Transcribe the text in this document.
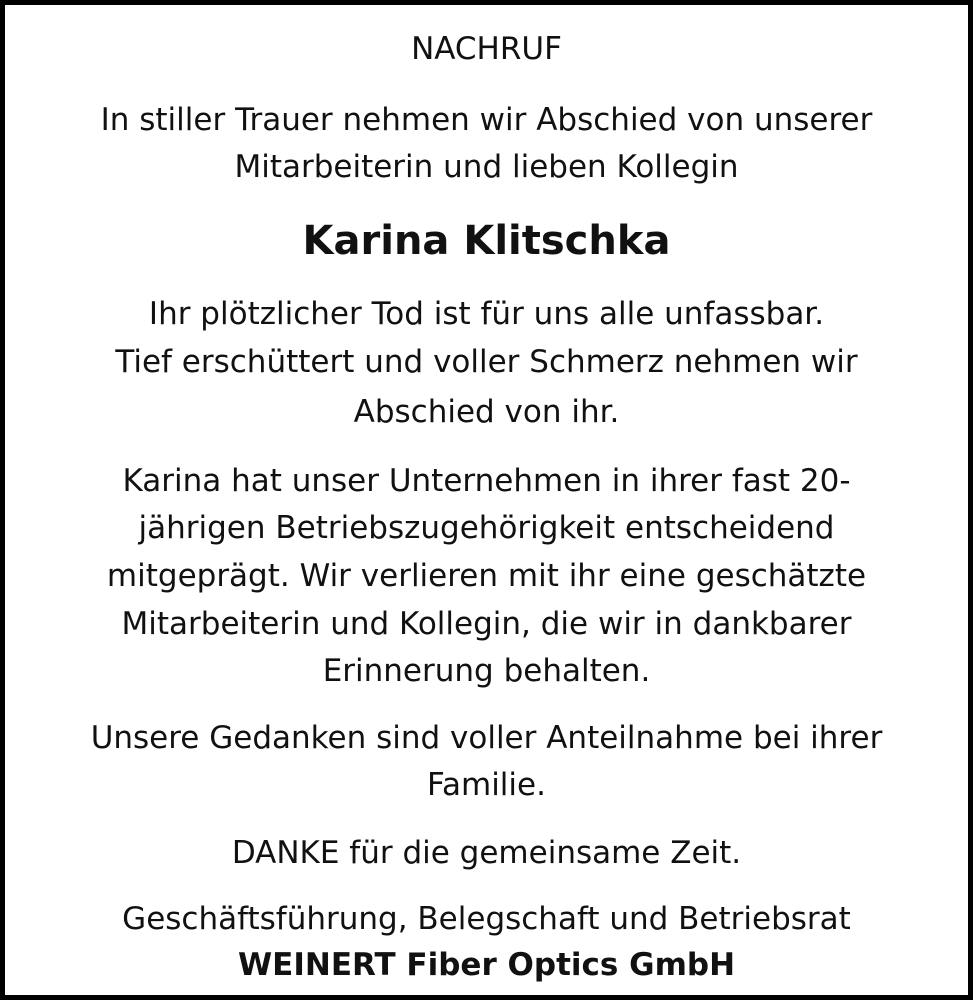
NACHRUF
In stiller Trauer nehmen wir Abschied von unserer
Mitarbeiterin und lieben Kollegin
Karina Klitschka
Ihr plötzlicher Tod ist für uns alle unfassbar.
Tief erschüttert und voller Schmerz nehmen wir
Abschied von ihr.
Karina hat unser Unternehmen in ihrer fast 20-
jährigen Betriebszugehörigkeit entscheidend
mitgeprägt. Wir verlieren mit ihr eine geschätzte
Mitarbeiterin und Kollegin, die wir in dankbarer
Erinnerung behalten.
Unsere Gedanken sind voller Anteilnahme bei ihrer
Familie.
DANKE für die gemeinsame Zeit.
Geschäftsführung, Belegschaft und Betriebsrat
WEINERT Fiber Optics GmbH
